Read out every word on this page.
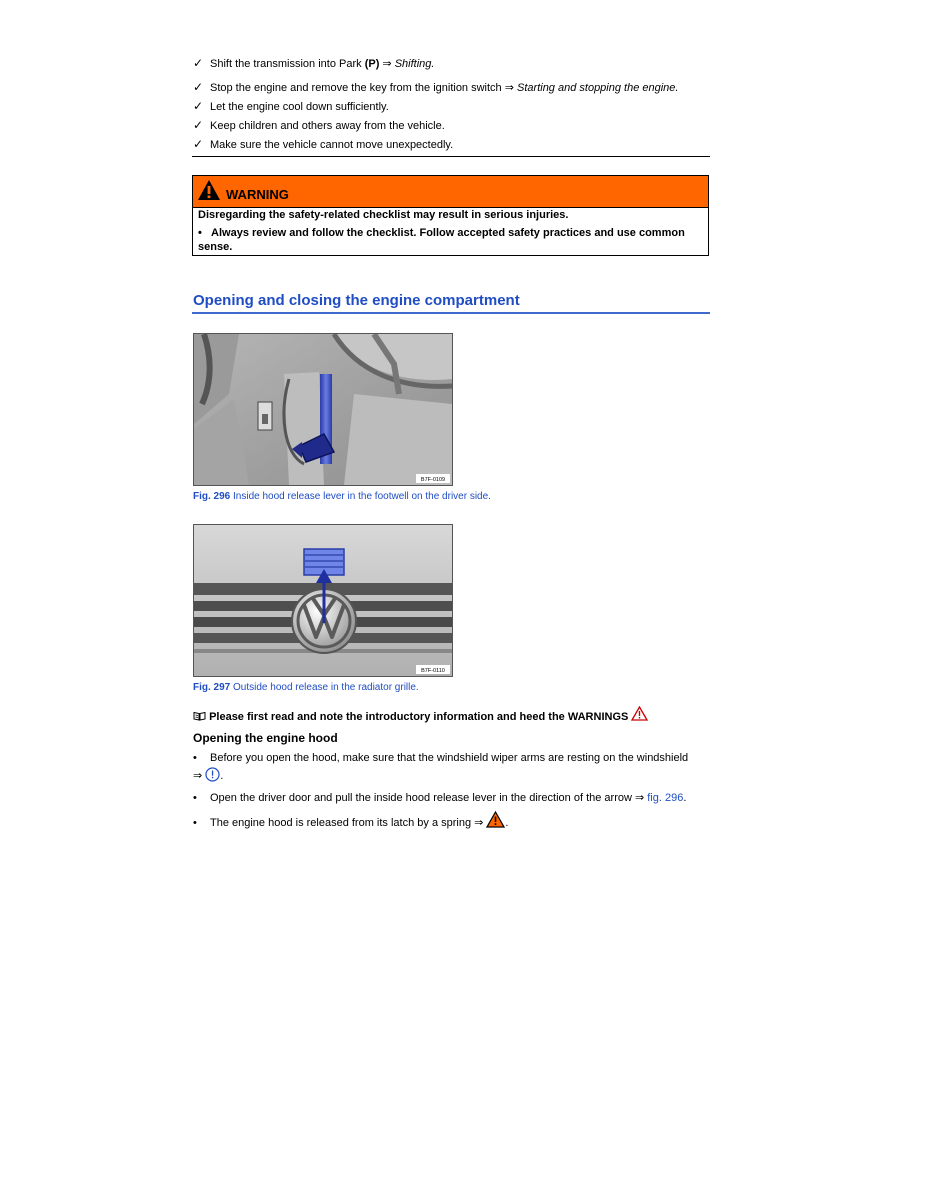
✓ Shift the transmission into Park (P) ⇒ Shifting.
✓ Stop the engine and remove the key from the ignition switch ⇒ Starting and stopping the engine.
✓ Let the engine cool down sufficiently.
✓ Keep children and others away from the vehicle.
✓ Make sure the vehicle cannot move unexpectedly.
WARNING
Disregarding the safety-related checklist may result in serious injuries.
• Always review and follow the checklist. Follow accepted safety practices and use common sense.
Opening and closing the engine compartment
B7F-0109
Fig. 296 Inside hood release lever in the footwell on the driver side.
B7F-0110
Fig. 297 Outside hood release in the radiator grille.
Please first read and note the introductory information and heed the WARNINGS
Opening the engine hood
• Before you open the hood, make sure that the windshield wiper arms are resting on the windshield
⇒ .
• Open the driver door and pull the inside hood release lever in the direction of the arrow ⇒ fig. 296.
• The engine hood is released from its latch by a spring ⇒ .
